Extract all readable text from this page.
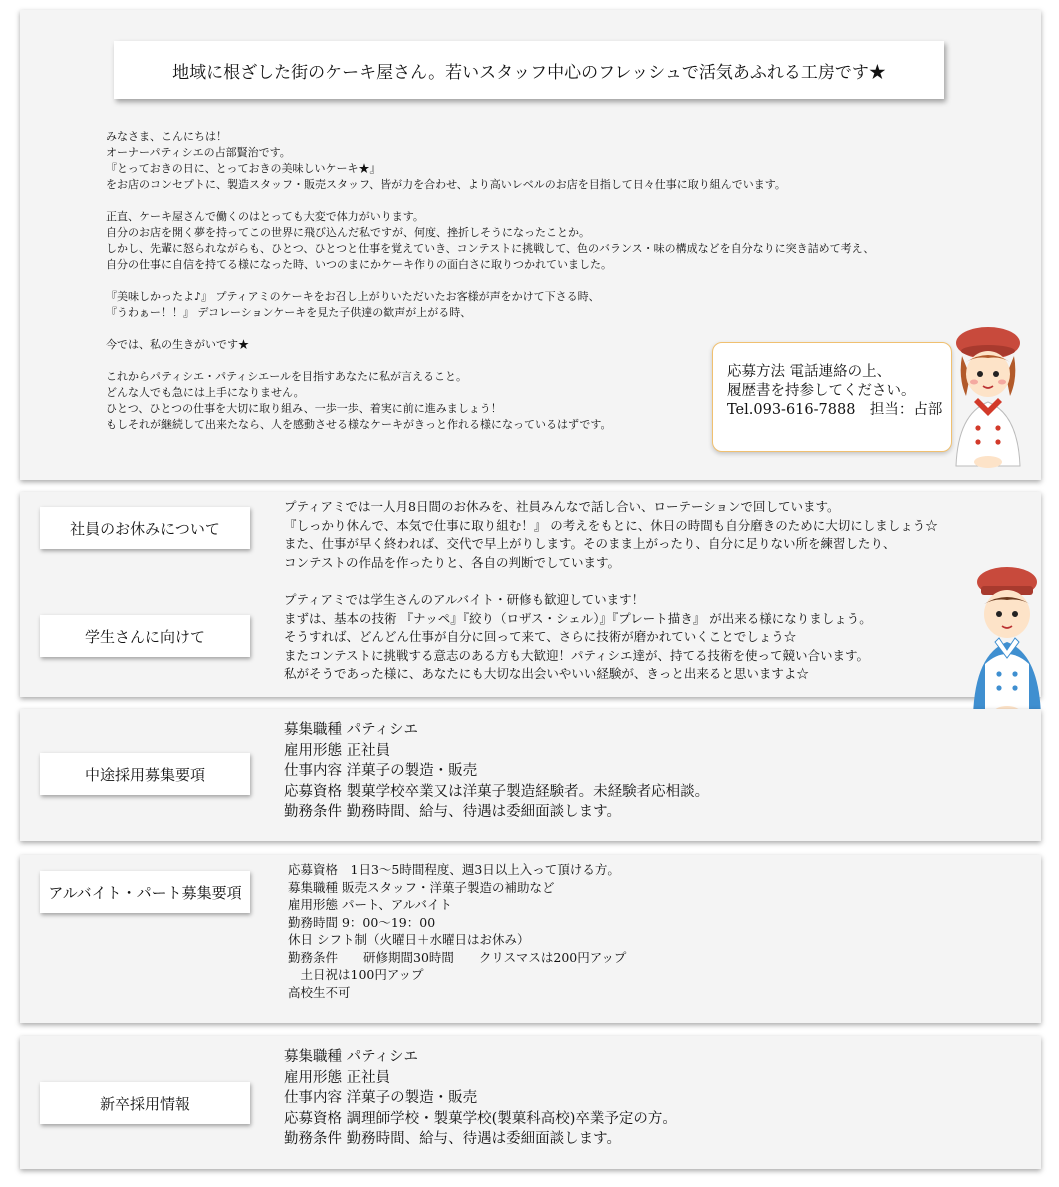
地域に根ざした街のケーキ屋さん。若いスタッフ中心のフレッシュで活気あふれる工房です★
みなさま、こんにちは！
オーナーパティシエの占部賢治です。
『とっておきの日に、とっておきの美味しいケーキ★』
をお店のコンセプトに、製造スタッフ・販売スタッフ、皆が力を合わせ、より高いレベルのお店を目指して日々仕事に取り組んでいます。
正直、ケーキ屋さんで働くのはとっても大変で体力がいります。
自分のお店を開く夢を持ってこの世界に飛び込んだ私ですが、何度、挫折しそうになったことか。
しかし、先輩に怒られながらも、ひとつ、ひとつと仕事を覚えていき、コンテストに挑戦して、色のバランス・味の構成などを自分なりに突き詰めて考え、
自分の仕事に自信を持てる様になった時、いつのまにかケーキ作りの面白さに取りつかれていました。
『美味しかったよ♪』 プティアミのケーキをお召し上がりいただいたお客様が声をかけて下さる時、
『うわぁー！！』 デコレーションケーキを見た子供達の歓声が上がる時、
今では、私の生きがいです★
これからパティシエ・パティシエールを目指すあなたに私が言えること。
どんな人でも急には上手になりません。
ひとつ、ひとつの仕事を大切に取り組み、一歩一歩、着実に前に進みましょう！
もしそれが継続して出来たなら、人を感動させる様なケーキがきっと作れる様になっているはずです。
応募方法 電話連絡の上、
履歴書を持参してください。
Tel.093-616-7888　担当：占部
社員のお休みについて
プティアミでは一人月8日間のお休みを、社員みんなで話し合い、ローテーションで回しています。
『しっかり休んで、本気で仕事に取り組む！』 の考えをもとに、休日の時間も自分磨きのために大切にしましょう☆
また、仕事が早く終われば、交代で早上がりします。そのまま上がったり、自分に足りない所を練習したり、
コンテストの作品を作ったりと、各自の判断でしています。
学生さんに向けて
プティアミでは学生さんのアルバイト・研修も歓迎しています！
まずは、基本の技術 『ナッペ』『絞り（ロザス・シェル）』『プレート描き』 が出来る様になりましょう。
そうすれば、どんどん仕事が自分に回って来て、さらに技術が磨かれていくことでしょう☆
またコンテストに挑戦する意志のある方も大歓迎！パティシエ達が、持てる技術を使って競い合います。
私がそうであった様に、あなたにも大切な出会いやいい経験が、きっと出来ると思いますよ☆
中途採用募集要項
募集職種 パティシエ
雇用形態 正社員
仕事内容 洋菓子の製造・販売
応募資格 製菓学校卒業又は洋菓子製造経験者。未経験者応相談。
勤務条件 勤務時間、給与、待遇は委細面談します。
アルバイト・パート募集要項
応募資格　1日3～5時間程度、週3日以上入って頂ける方。
募集職種 販売スタッフ・洋菓子製造の補助など
雇用形態 パート、アルバイト
勤務時間 9：00～19：00
休日 シフト制（火曜日＋水曜日はお休み）
勤務条件　　研修期間30時間　　クリスマスは200円アップ
　土日祝は100円アップ
高校生不可
新卒採用情報
募集職種 パティシエ
雇用形態 正社員
仕事内容 洋菓子の製造・販売
応募資格 調理師学校・製菓学校(製菓科高校)卒業予定の方。
勤務条件 勤務時間、給与、待遇は委細面談します。
